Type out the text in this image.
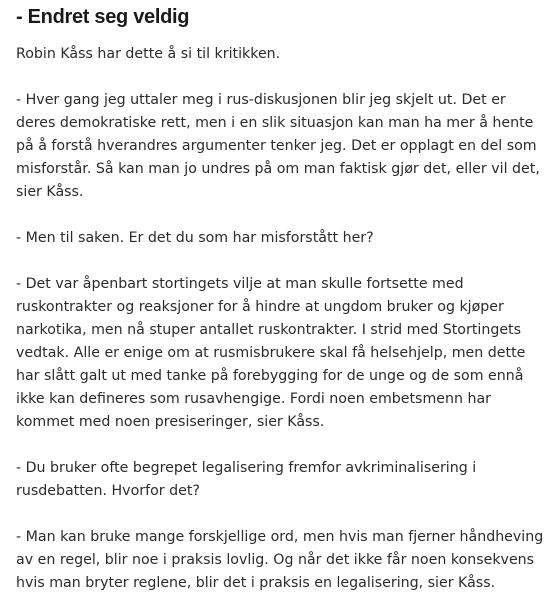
- Endret seg veldig

Robin Kåss har dette å si til kritikken.

- Hver gang jeg uttaler meg i rus-diskusjonen blir jeg skjelt ut. Det er deres demokratiske rett, men i en slik situasjon kan man ha mer å hente på å forstå hverandres argumenter tenker jeg. Det er opplagt en del som misforstår. Så kan man jo undres på om man faktisk gjør det, eller vil det, sier Kåss.

- Men til saken. Er det du som har misforstått her?

- Det var åpenbart stortingets vilje at man skulle fortsette med ruskontrakter og reaksjoner for å hindre at ungdom bruker og kjøper narkotika, men nå stuper antallet ruskontrakter. I strid med Stortingets vedtak. Alle er enige om at rusmisbrukere skal få helsehjelp, men dette har slått galt ut med tanke på forebygging for de unge og de som ennå ikke kan defineres som rusavhengige. Fordi noen embetsmenn har kommet med noen presiseringer, sier Kåss.

- Du bruker ofte begrepet legalisering fremfor avkriminalisering i rusdebatten. Hvorfor det?

- Man kan bruke mange forskjellige ord, men hvis man fjerner håndheving av en regel, blir noe i praksis lovlig. Og når det ikke får noen konsekvens hvis man bryter reglene, blir det i praksis en legalisering, sier Kåss.
